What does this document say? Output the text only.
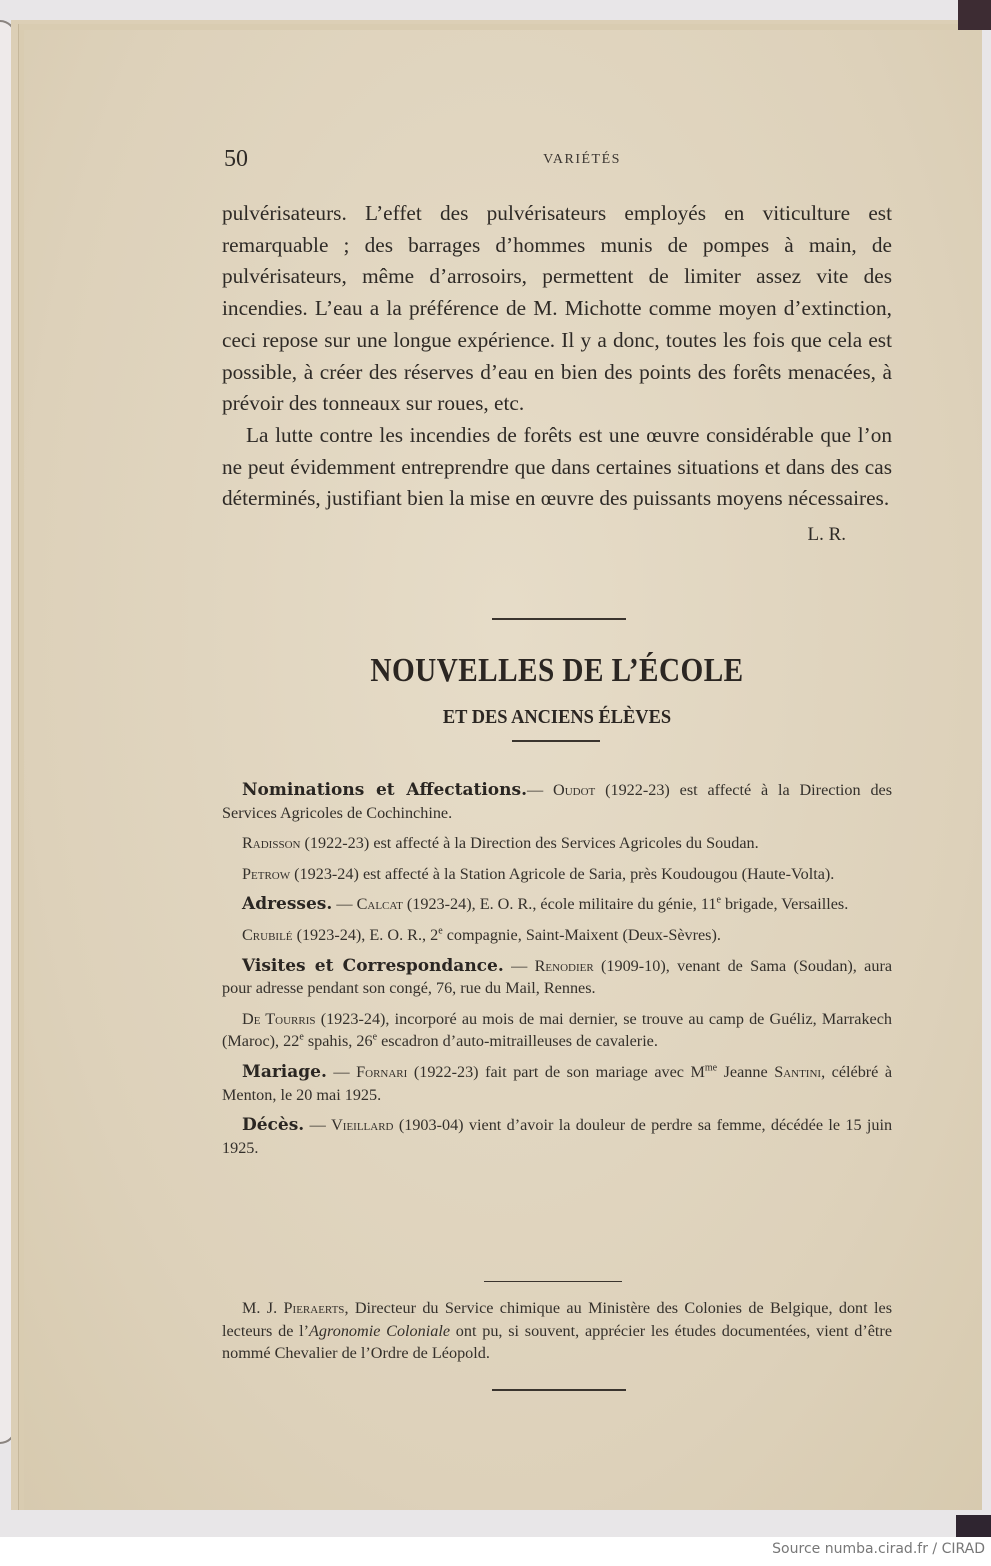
50	VARIÉTÉS

pulvérisateurs. L’effet des pulvérisateurs employés en viticulture est remarquable ; des barrages d’hommes munis de pompes à main, de pulvérisateurs, même d’arrosoirs, permettent de limiter assez vite des incendies. L’eau a la préférence de M. Michotte comme moyen d’extinction, ceci repose sur une longue expérience. Il y a donc, toutes les fois que cela est possible, à créer des réserves d’eau en bien des points des forêts menacées, à prévoir des tonneaux sur roues, etc.

La lutte contre les incendies de forêts est une œuvre considérable que l’on ne peut évidemment entreprendre que dans certaines situations et dans des cas déterminés, justifiant bien la mise en œuvre des puissants moyens nécessaires.

L. R.
NOUVELLES DE L’ÉCOLE
ET DES ANCIENS ÉLÈVES

Nominations et Affectations.— Oudot (1922-23) est affecté à la Direction des Services Agricoles de Cochinchine.

Radisson (1922-23) est affecté à la Direction des Services Agricoles du Soudan.

Petrow (1923-24) est affecté à la Station Agricole de Saria, près Koudougou (Haute-Volta).

Adresses. — Calcat (1923-24), E. O. R., école militaire du génie, 11e brigade, Versailles.

Crubilé (1923-24), E. O. R., 2e compagnie, Saint-Maixent (Deux-Sèvres).

Visites et Correspondance. — Renodier (1909-10), venant de Sama (Soudan), aura pour adresse pendant son congé, 76, rue du Mail, Rennes.

De Tourris (1923-24), incorporé au mois de mai dernier, se trouve au camp de Guéliz, Marrakech (Maroc), 22e spahis, 26e escadron d’auto-mitrailleuses de cavalerie.

Mariage. — Fornari (1922-23) fait part de son mariage avec $M^{me}$ Jeanne Santini, célébré à Menton, le 20 mai 1925.

Décès. — Vieillard (1903-04) vient d’avoir la douleur de perdre sa femme, décédée le 15 juin 1925.

M. J. Pieraerts, Directeur du Service chimique au Ministère des Colonies de Belgique, dont les lecteurs de l’Agronomie Coloniale ont pu, si souvent, apprécier les études documentées, vient d’être nommé Chevalier de l’Ordre de Léopold.

Source numba.cirad.fr / CIRAD
